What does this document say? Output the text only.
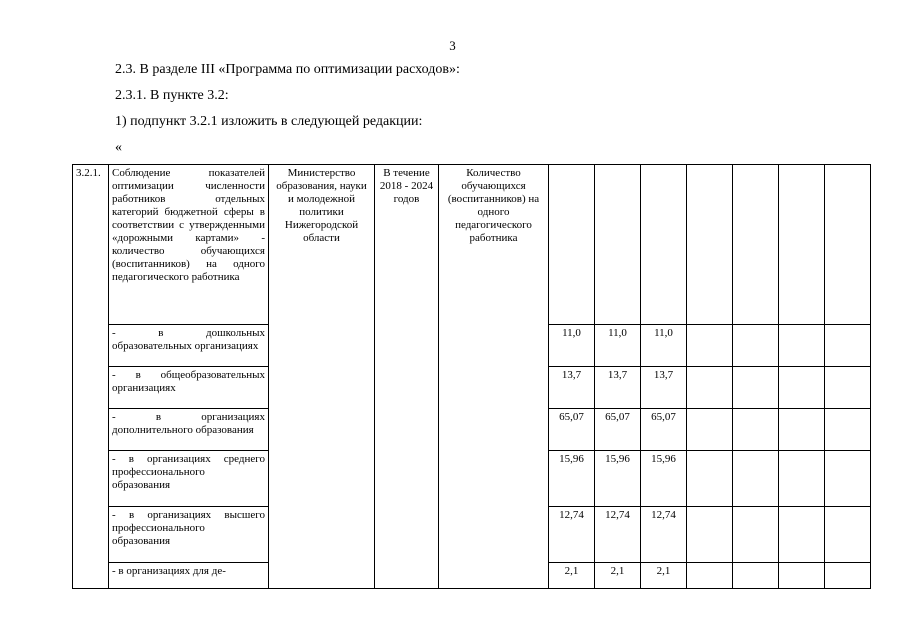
3
2.3. В разделе III «Программа по оптимизации расходов»:
2.3.1. В пункте 3.2:
1) подпункт 3.2.1 изложить в следующей редакции:
«
3.2.1.	Соблюдение показателей оптимизации численности работников отдельных категорий бюджетной сферы в соответствии с утвержденными «дорожными картами» - количество обучающихся (воспитанников) на одного педагогического работника	Министерство образования, науки и молодежной политики Нижегородской области	В течение 2018 - 2024 годов	Количество обучающихся (воспитанников) на одного педагогического работника							
	- в дошкольных образовательных организациях				11,0	11,0	11,0				
	- в общеобразовательных организациях				13,7	13,7	13,7				
	- в организациях дополнительного образования				65,07	65,07	65,07				
	- в организациях среднего профессионального образования				15,96	15,96	15,96				
	- в организациях высшего профессионального образования				12,74	12,74	12,74				
	- в организациях для де-				2,1	2,1	2,1				
